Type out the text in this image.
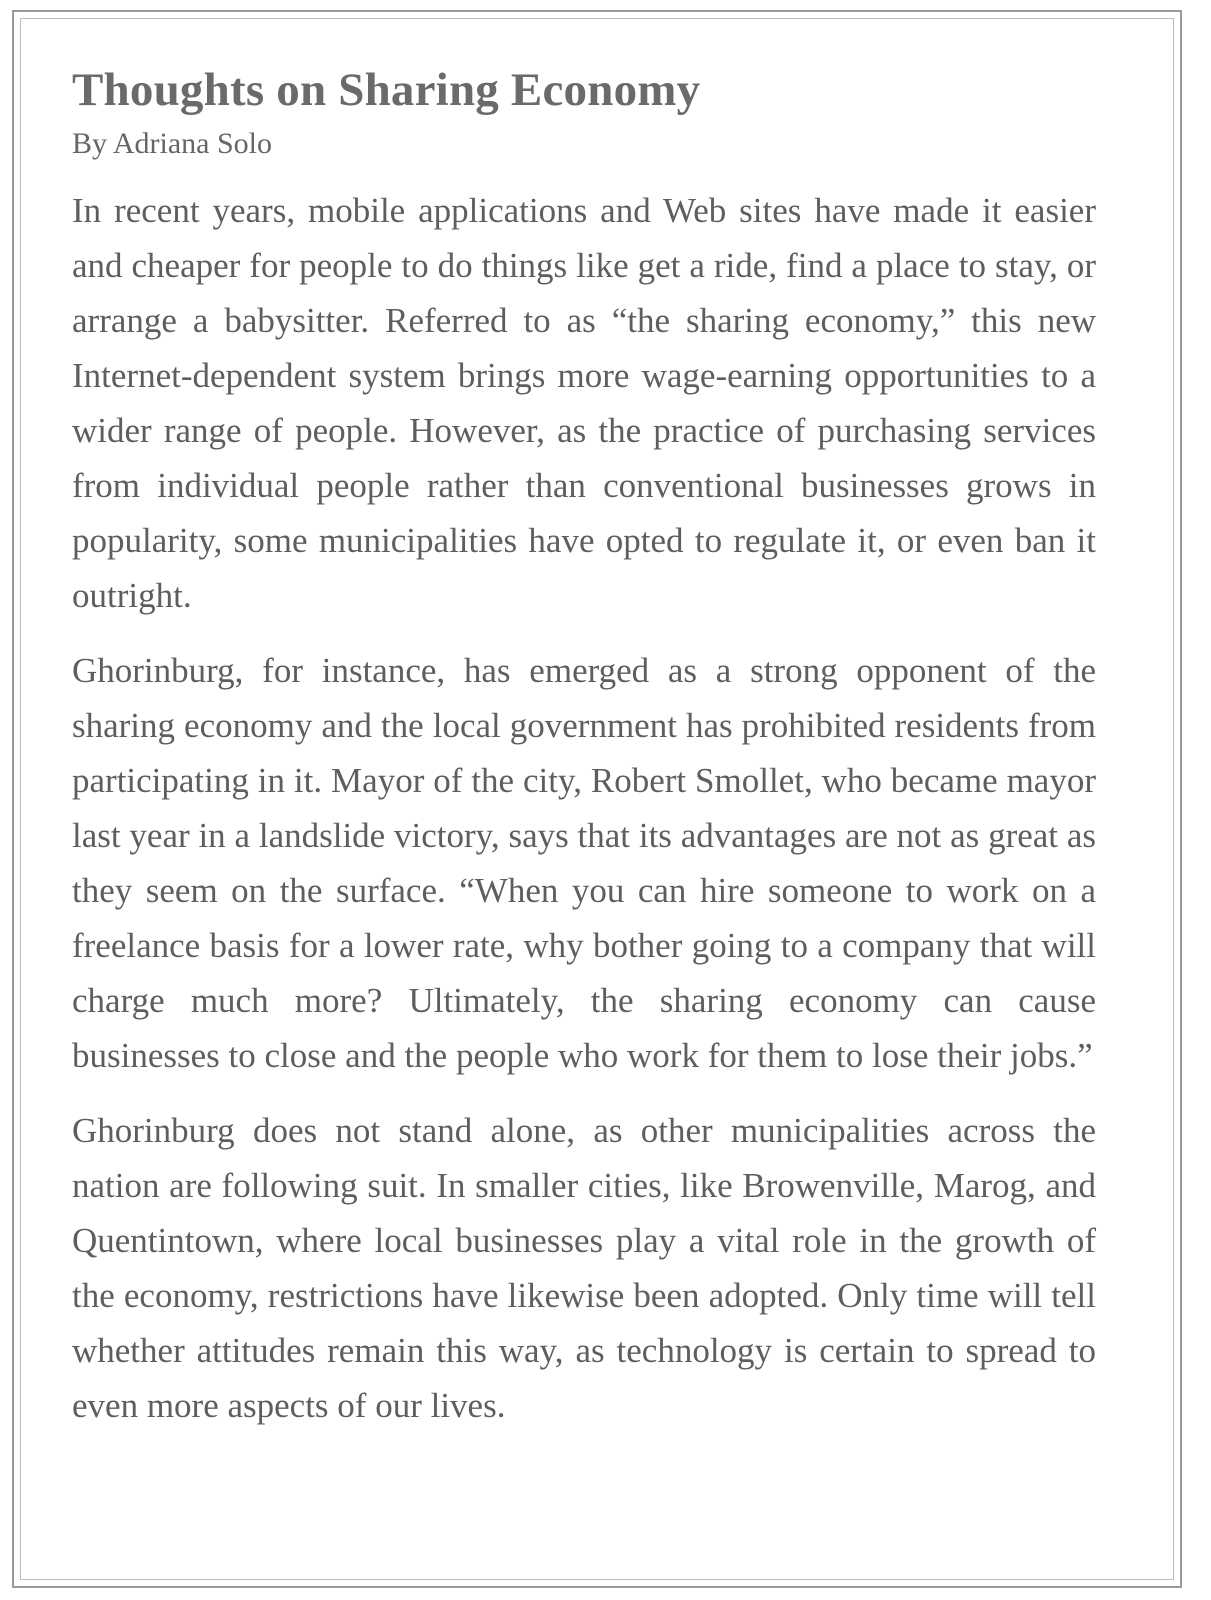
Thoughts on Sharing Economy

By Adriana Solo

In recent years, mobile applications and Web sites have made it easier and cheaper for people to do things like get a ride, find a place to stay, or arrange a babysitter. Referred to as “the sharing economy,” this new Internet-dependent system brings more wage-earning opportunities to a wider range of people. However, as the practice of purchasing services from individual people rather than conventional businesses grows in popularity, some municipalities have opted to regulate it, or even ban it outright.

Ghorinburg, for instance, has emerged as a strong opponent of the sharing economy and the local government has prohibited residents from participating in it. Mayor of the city, Robert Smollet, who became mayor last year in a landslide victory, says that its advantages are not as great as they seem on the surface. “When you can hire someone to work on a freelance basis for a lower rate, why bother going to a company that will charge much more? Ultimately, the sharing economy can cause businesses to close and the people who work for them to lose their jobs.”

Ghorinburg does not stand alone, as other municipalities across the nation are following suit. In smaller cities, like Browenville, Marog, and Quentintown, where local businesses play a vital role in the growth of the economy, restrictions have likewise been adopted. Only time will tell whether attitudes remain this way, as technology is certain to spread to even more aspects of our lives.
